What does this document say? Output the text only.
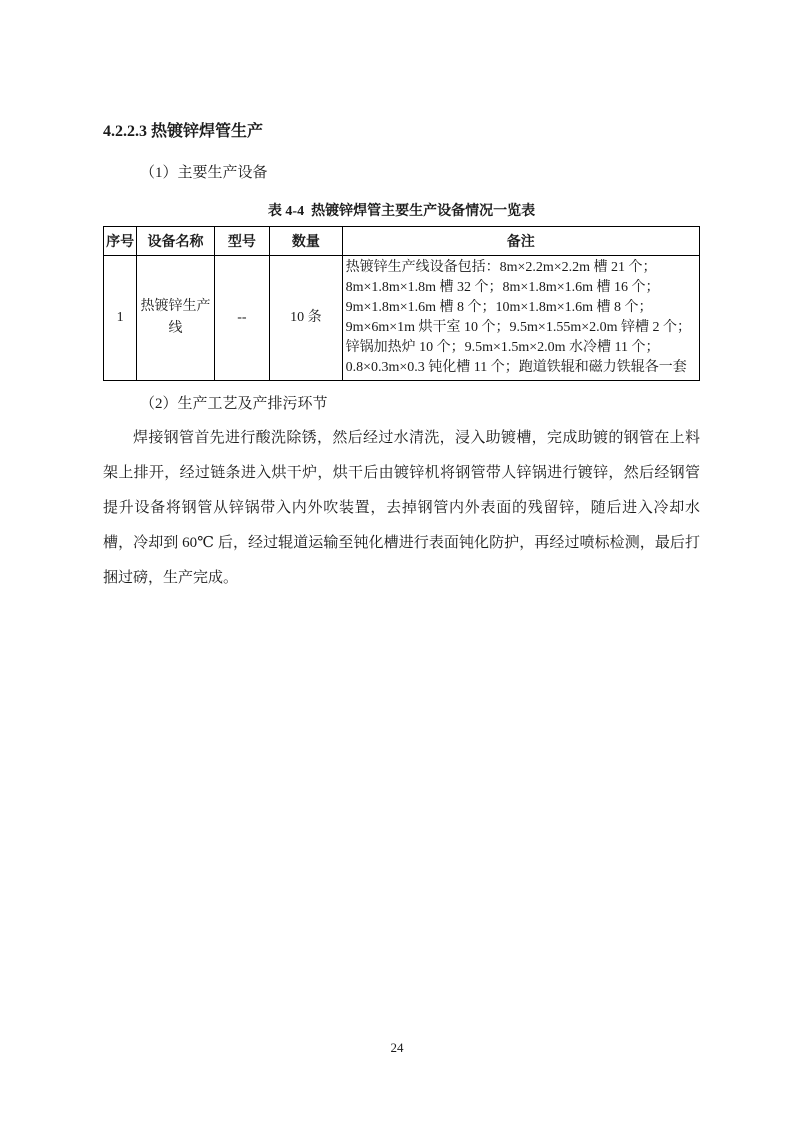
4.2.2.3 热镀锌焊管生产

（1）主要生产设备

表 4-4  热镀锌焊管主要生产设备情况一览表

序号	设备名称	型号	数量	备注
1	热镀锌生产线	--	10 条	热镀锌生产线设备包括：8m×2.2m×2.2m 槽 21 个；8m×1.8m×1.8m 槽 32 个；8m×1.8m×1.6m 槽 16 个；9m×1.8m×1.6m 槽 8 个；10m×1.8m×1.6m 槽 8 个；9m×6m×1m 烘干室 10 个；9.5m×1.55m×2.0m 锌槽 2 个；锌锅加热炉 10 个；9.5m×1.5m×2.0m 水冷槽 11 个；0.8×0.3m×0.3 钝化槽 11 个；跑道铁辊和磁力铁辊各一套

（2）生产工艺及产排污环节

焊接钢管首先进行酸洗除锈，然后经过水清洗，浸入助镀槽，完成助镀的钢管在上料架上排开，经过链条进入烘干炉，烘干后由镀锌机将钢管带人锌锅进行镀锌，然后经钢管提升设备将钢管从锌锅带入内外吹装置，去掉钢管内外表面的残留锌，随后进入冷却水槽，冷却到 60℃ 后，经过辊道运输至钝化槽进行表面钝化防护，再经过喷标检测，最后打捆过磅，生产完成。

24
